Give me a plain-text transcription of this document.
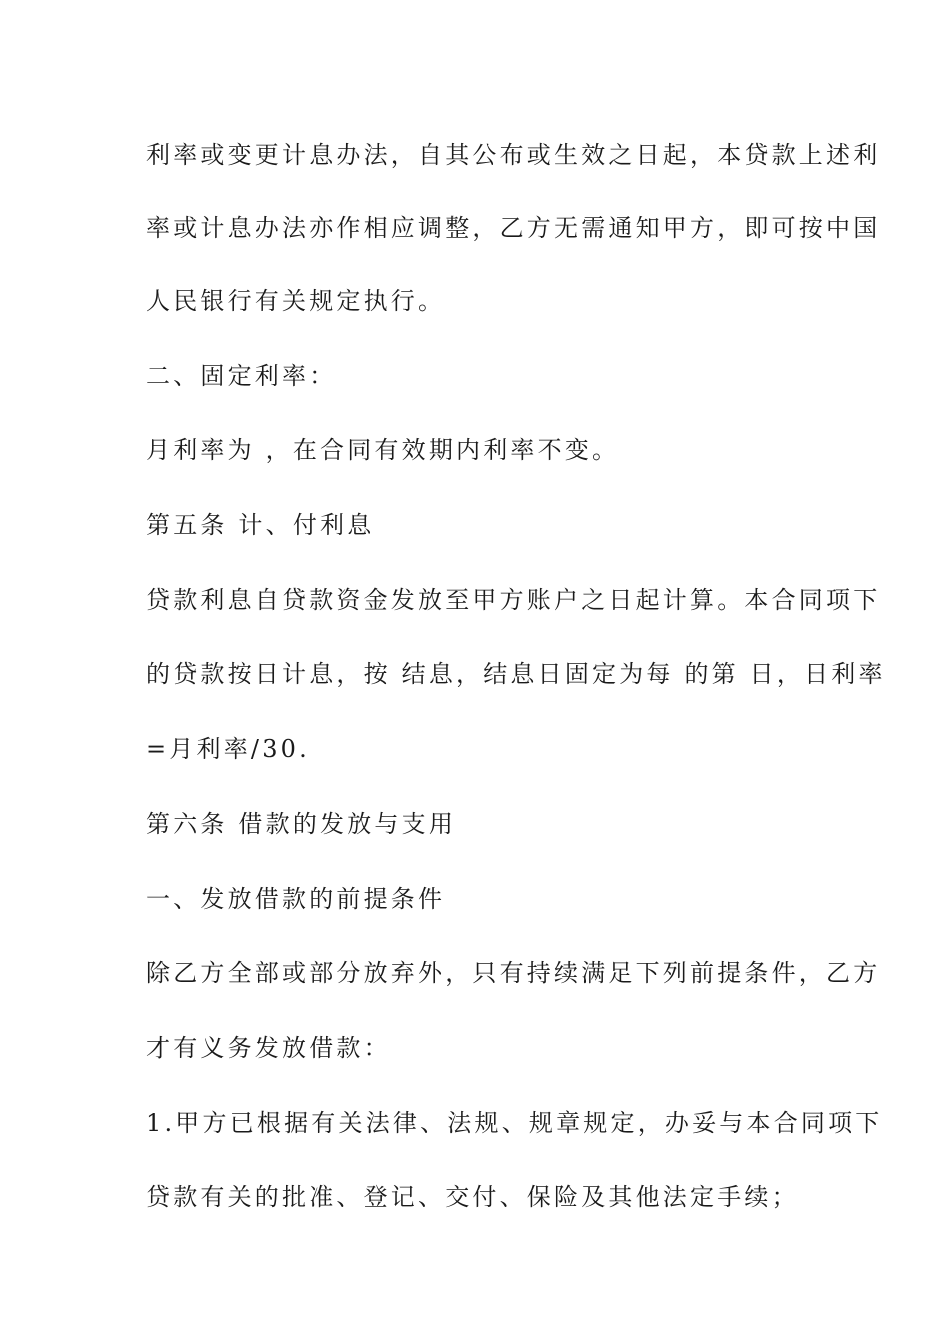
利率或变更计息办法，自其公布或生效之日起，本贷款上述利

率或计息办法亦作相应调整，乙方无需通知甲方，即可按中国

人民银行有关规定执行。

二、固定利率：

月利率为 ，在合同有效期内利率不变。

第五条 计、付利息

贷款利息自贷款资金发放至甲方账户之日起计算。本合同项下

的贷款按日计息，按 结息，结息日固定为每 的第 日，日利率

=月利率/30.

第六条 借款的发放与支用

一、发放借款的前提条件

除乙方全部或部分放弃外，只有持续满足下列前提条件，乙方

才有义务发放借款：

1.甲方已根据有关法律、法规、规章规定，办妥与本合同项下

贷款有关的批准、登记、交付、保险及其他法定手续；
